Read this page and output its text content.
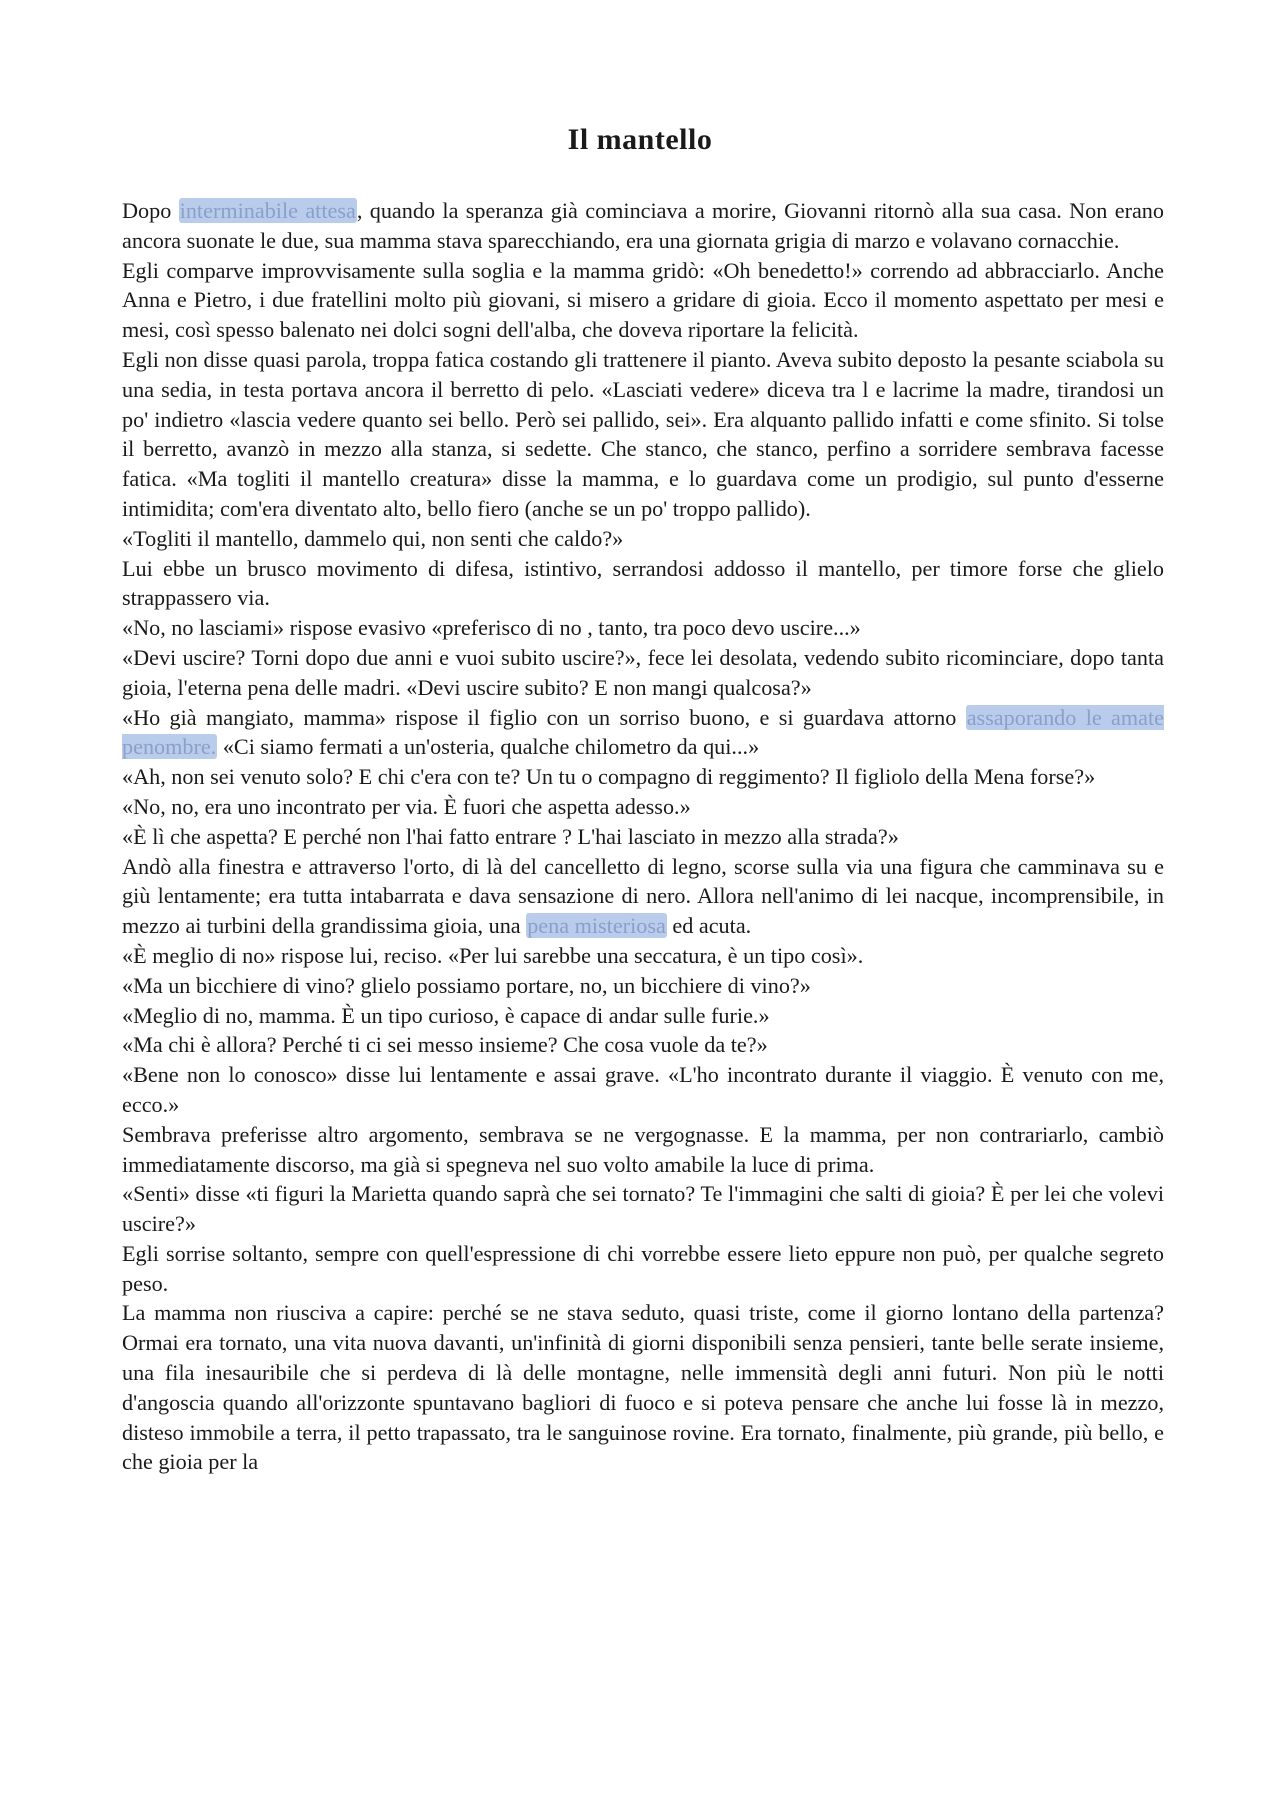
Il mantello

Dopo interminabile attesa, quando la speranza già cominciava a morire, Giovanni ritornò alla sua casa. Non erano ancora suonate le due, sua mamma stava sparecchiando, era una giornata grigia di marzo e volavano cornacchie.

Egli comparve improvvisamente sulla soglia e la mamma gridò: «Oh benedetto!» correndo ad abbracciarlo. Anche Anna e Pietro, i due fratellini molto più giovani, si misero a gridare di gioia. Ecco il momento aspettato per mesi e mesi, così spesso balenato nei dolci sogni dell'alba, che doveva riportare la felicità.

Egli non disse quasi parola, troppa fatica costando gli trattenere il pianto. Aveva subito deposto la pesante sciabola su una sedia, in testa portava ancora il berretto di pelo. «Lasciati vedere» diceva tra l e lacrime la madre, tirandosi un po' indietro «lascia vedere quanto sei bello. Però sei pallido, sei». Era alquanto pallido infatti e come sfinito. Si tolse il berretto, avanzò in mezzo alla stanza, si sedette. Che stanco, che stanco, perfino a sorridere sembrava facesse fatica. «Ma togliti il mantello creatura» disse la mamma, e lo guardava come un prodigio, sul punto d'esserne intimidita; com'era diventato alto, bello fiero (anche se un po' troppo pallido).

«Togliti il mantello, dammelo qui, non senti che caldo?»

Lui ebbe un brusco movimento di difesa, istintivo, serrandosi addosso il mantello, per timore forse che glielo strappassero via.

«No, no lasciami» rispose evasivo «preferisco di no , tanto, tra poco devo uscire...»

«Devi uscire? Torni dopo due anni e vuoi subito uscire?», fece lei desolata, vedendo subito ricominciare, dopo tanta gioia, l'eterna pena delle madri. «Devi uscire subito? E non mangi qualcosa?»

«Ho già mangiato, mamma» rispose il figlio con un sorriso buono, e si guardava attorno assaporando le amate penombre. «Ci siamo fermati a un'osteria, qualche chilometro da qui...»

«Ah, non sei venuto solo? E chi c'era con te? Un tu o compagno di reggimento? Il figliolo della Mena forse?»

«No, no, era uno incontrato per via. È fuori che aspetta adesso.»

«È lì che aspetta? E perché non l'hai fatto entrare ? L'hai lasciato in mezzo alla strada?»

Andò alla finestra e attraverso l'orto, di là del cancelletto di legno, scorse sulla via una figura che camminava su e giù lentamente; era tutta intabarrata e dava sensazione di nero. Allora nell'animo di lei nacque, incomprensibile, in mezzo ai turbini della grandissima gioia, una pena misteriosa ed acuta.

«È meglio di no» rispose lui, reciso. «Per lui sarebbe una seccatura, è un tipo così».

«Ma un bicchiere di vino? glielo possiamo portare, no, un bicchiere di vino?»

«Meglio di no, mamma. È un tipo curioso, è capace di andar sulle furie.»

«Ma chi è allora? Perché ti ci sei messo insieme? Che cosa vuole da te?»

«Bene non lo conosco» disse lui lentamente e assai grave. «L'ho incontrato durante il viaggio. È venuto con me, ecco.»

Sembrava preferisse altro argomento, sembrava se ne vergognasse. E la mamma, per non contrariarlo, cambiò immediatamente discorso, ma già si spegneva nel suo volto amabile la luce di prima.

«Senti» disse «ti figuri la Marietta quando saprà che sei tornato? Te l'immagini che salti di gioia? È per lei che volevi uscire?»

Egli sorrise soltanto, sempre con quell'espressione di chi vorrebbe essere lieto eppure non può, per qualche segreto peso.

La mamma non riusciva a capire: perché se ne stava seduto, quasi triste, come il giorno lontano della partenza? Ormai era tornato, una vita nuova davanti, un'infinità di giorni disponibili senza pensieri, tante belle serate insieme, una fila inesauribile che si perdeva di là delle montagne, nelle immensità degli anni futuri. Non più le notti d'angoscia quando all'orizzonte spuntavano bagliori di fuoco e si poteva pensare che anche lui fosse là in mezzo, disteso immobile a terra, il petto trapassato, tra le sanguinose rovine. Era tornato, finalmente, più grande, più bello, e che gioia per la
